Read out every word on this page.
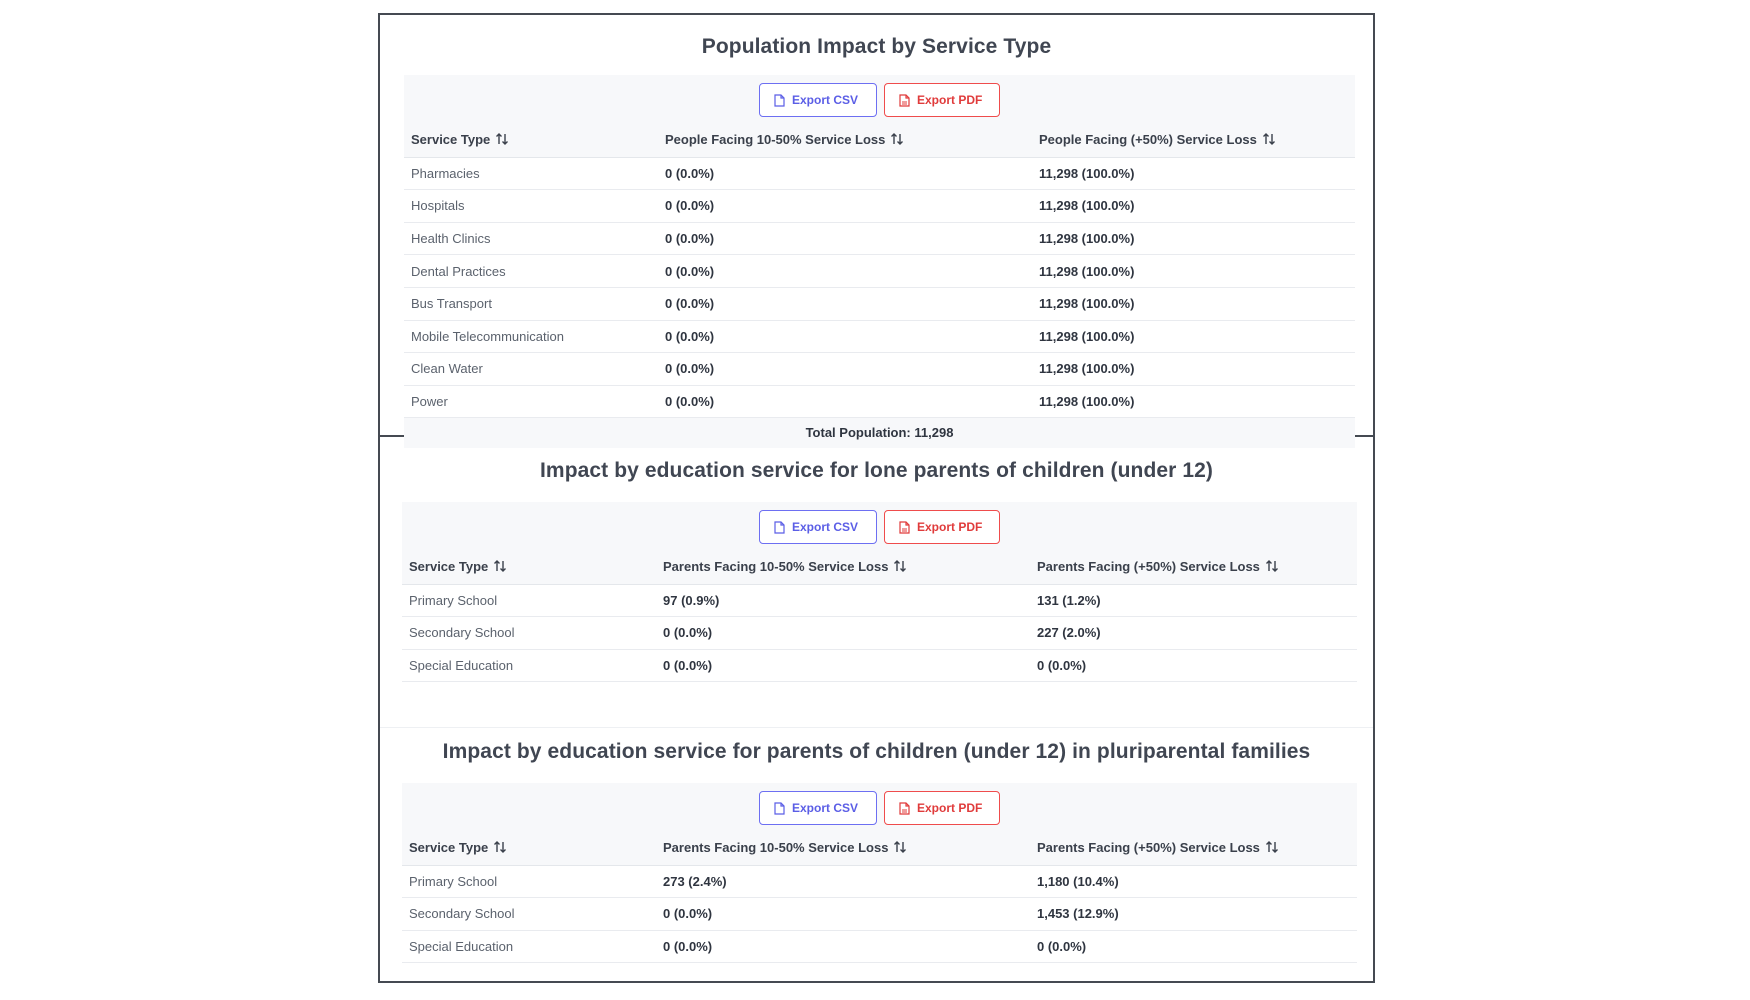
Population Impact by Service Type
Export CSV	Export PDF
Service Type	People Facing 10-50% Service Loss	People Facing (+50%) Service Loss
Pharmacies	0 (0.0%)	11,298 (100.0%)
Hospitals	0 (0.0%)	11,298 (100.0%)
Health Clinics	0 (0.0%)	11,298 (100.0%)
Dental Practices	0 (0.0%)	11,298 (100.0%)
Bus Transport	0 (0.0%)	11,298 (100.0%)
Mobile Telecommunication	0 (0.0%)	11,298 (100.0%)
Clean Water	0 (0.0%)	11,298 (100.0%)
Power	0 (0.0%)	11,298 (100.0%)
Total Population: 11,298
Impact by education service for lone parents of children (under 12)
Export CSV	Export PDF
Service Type	Parents Facing 10-50% Service Loss	Parents Facing (+50%) Service Loss
Primary School	97 (0.9%)	131 (1.2%)
Secondary School	0 (0.0%)	227 (2.0%)
Special Education	0 (0.0%)	0 (0.0%)
Impact by education service for parents of children (under 12) in pluriparental families
Export CSV	Export PDF
Service Type	Parents Facing 10-50% Service Loss	Parents Facing (+50%) Service Loss
Primary School	273 (2.4%)	1,180 (10.4%)
Secondary School	0 (0.0%)	1,453 (12.9%)
Special Education	0 (0.0%)	0 (0.0%)
